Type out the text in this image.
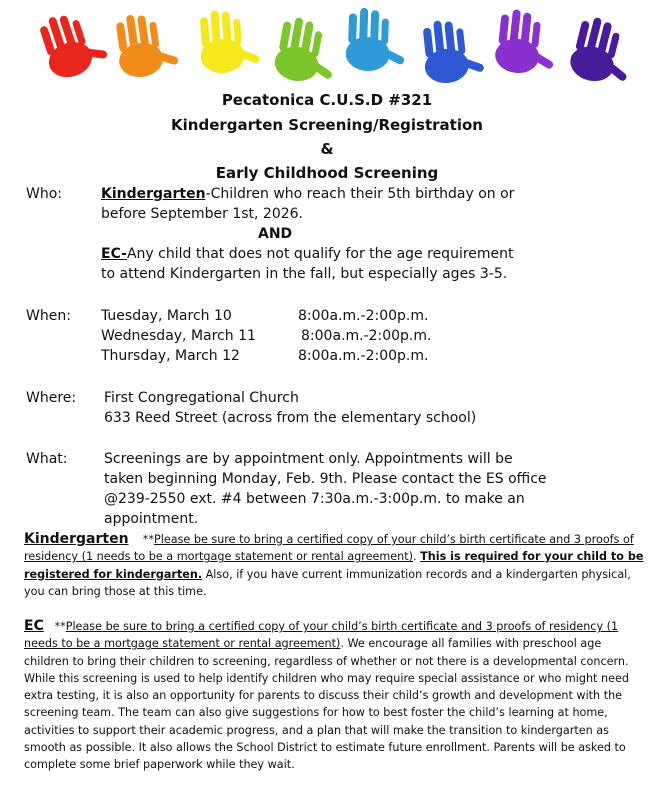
Pecatonica C.U.S.D #321
Kindergarten Screening/Registration
&
Early Childhood Screening
Who:	Kindergarten-Children who reach their 5th birthday on or
before September 1st, 2026.
AND
EC-Any child that does not qualify for the age requirement
to attend Kindergarten in the fall, but especially ages 3-5.
When: Tuesday, March 10	8:00a.m.-2:00p.m.
Wednesday, March 11	8:00a.m.-2:00p.m.
Thursday, March 12	8:00a.m.-2:00p.m.
Where: First Congregational Church
633 Reed Street (across from the elementary school)
What:	Screenings are by appointment only. Appointments will be
taken beginning Monday, Feb. 9th. Please contact the ES office
@239-2550 ext. #4 between 7:30a.m.-3:00p.m. to make an
appointment.
Kindergarten **Please be sure to bring a certified copy of your child’s birth certificate and 3 proofs of residency (1 needs to be a mortgage statement or rental agreement). This is required for your child to be registered for kindergarten. Also, if you have current immunization records and a kindergarten physical, you can bring those at this time.
EC **Please be sure to bring a certified copy of your child’s birth certificate and 3 proofs of residency (1 needs to be a mortgage statement or rental agreement). We encourage all families with preschool age children to bring their children to screening, regardless of whether or not there is a developmental concern. While this screening is used to help identify children who may require special assistance or who might need extra testing, it is also an opportunity for parents to discuss their child’s growth and development with the screening team. The team can also give suggestions for how to best foster the child’s learning at home, activities to support their academic progress, and a plan that will make the transition to kindergarten as smooth as possible. It also allows the School District to estimate future enrollment. Parents will be asked to complete some brief paperwork while they wait.
